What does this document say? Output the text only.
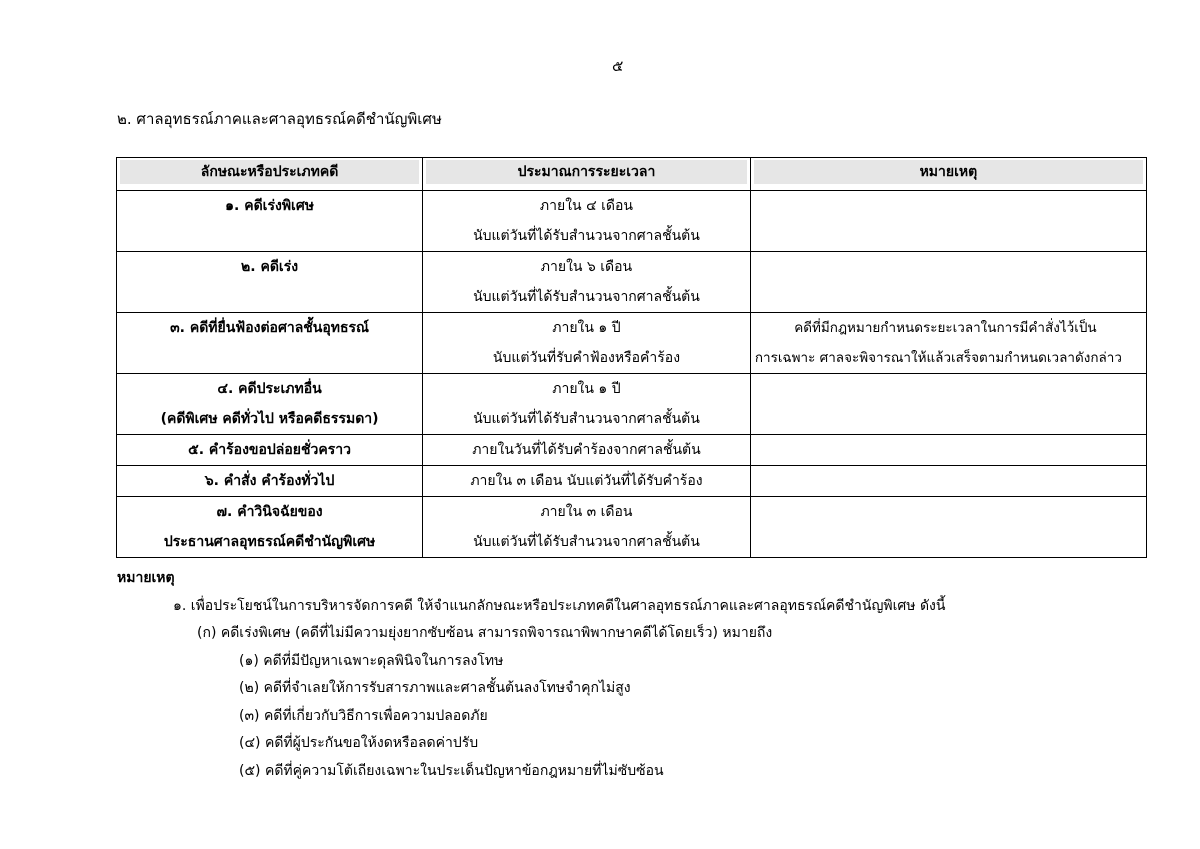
๕
๒. ศาลอุทธรณ์ภาคและศาลอุทธรณ์คดีชำนัญพิเศษ
ลักษณะหรือประเภทคดี	ประมาณการระยะเวลา	หมายเหตุ

๑. คดีเร่งพิเศษ	ภายใน ๔ เดือน
นับแต่วันที่ได้รับสำนวนจากศาลชั้นต้น	

๒. คดีเร่ง	ภายใน ๖ เดือน
นับแต่วันที่ได้รับสำนวนจากศาลชั้นต้น	

๓. คดีที่ยื่นฟ้องต่อศาลชั้นอุทธรณ์	ภายใน ๑ ปี
นับแต่วันที่รับคำฟ้องหรือคำร้อง	คดีที่มีกฎหมายกำหนดระยะเวลาในการมีคำสั่งไว้เป็น
การเฉพาะ ศาลจะพิจารณาให้แล้วเสร็จตามกำหนดเวลาดังกล่าว

๔. คดีประเภทอื่น
(คดีพิเศษ คดีทั่วไป หรือคดีธรรมดา)	ภายใน ๑ ปี
นับแต่วันที่ได้รับสำนวนจากศาลชั้นต้น	

๕. คำร้องขอปล่อยชั่วคราว	ภายในวันที่ได้รับคำร้องจากศาลชั้นต้น	

๖. คำสั่ง คำร้องทั่วไป	ภายใน ๓ เดือน นับแต่วันที่ได้รับคำร้อง	

๗. คำวินิจฉัยของ
ประธานศาลอุทธรณ์คดีชำนัญพิเศษ	ภายใน ๓ เดือน
นับแต่วันที่ได้รับสำนวนจากศาลชั้นต้น	

หมายเหตุ
๑. เพื่อประโยชน์ในการบริหารจัดการคดี ให้จำแนกลักษณะหรือประเภทคดีในศาลอุทธรณ์ภาคและศาลอุทธรณ์คดีชำนัญพิเศษ ดังนี้
(ก) คดีเร่งพิเศษ (คดีที่ไม่มีความยุ่งยากซับซ้อน สามารถพิจารณาพิพากษาคดีได้โดยเร็ว) หมายถึง
(๑) คดีที่มีปัญหาเฉพาะดุลพินิจในการลงโทษ
(๒) คดีที่จำเลยให้การรับสารภาพและศาลชั้นต้นลงโทษจำคุกไม่สูง
(๓) คดีที่เกี่ยวกับวิธีการเพื่อความปลอดภัย
(๔) คดีที่ผู้ประกันขอให้งดหรือลดค่าปรับ
(๕) คดีที่คู่ความโต้เถียงเฉพาะในประเด็นปัญหาข้อกฎหมายที่ไม่ซับซ้อน
